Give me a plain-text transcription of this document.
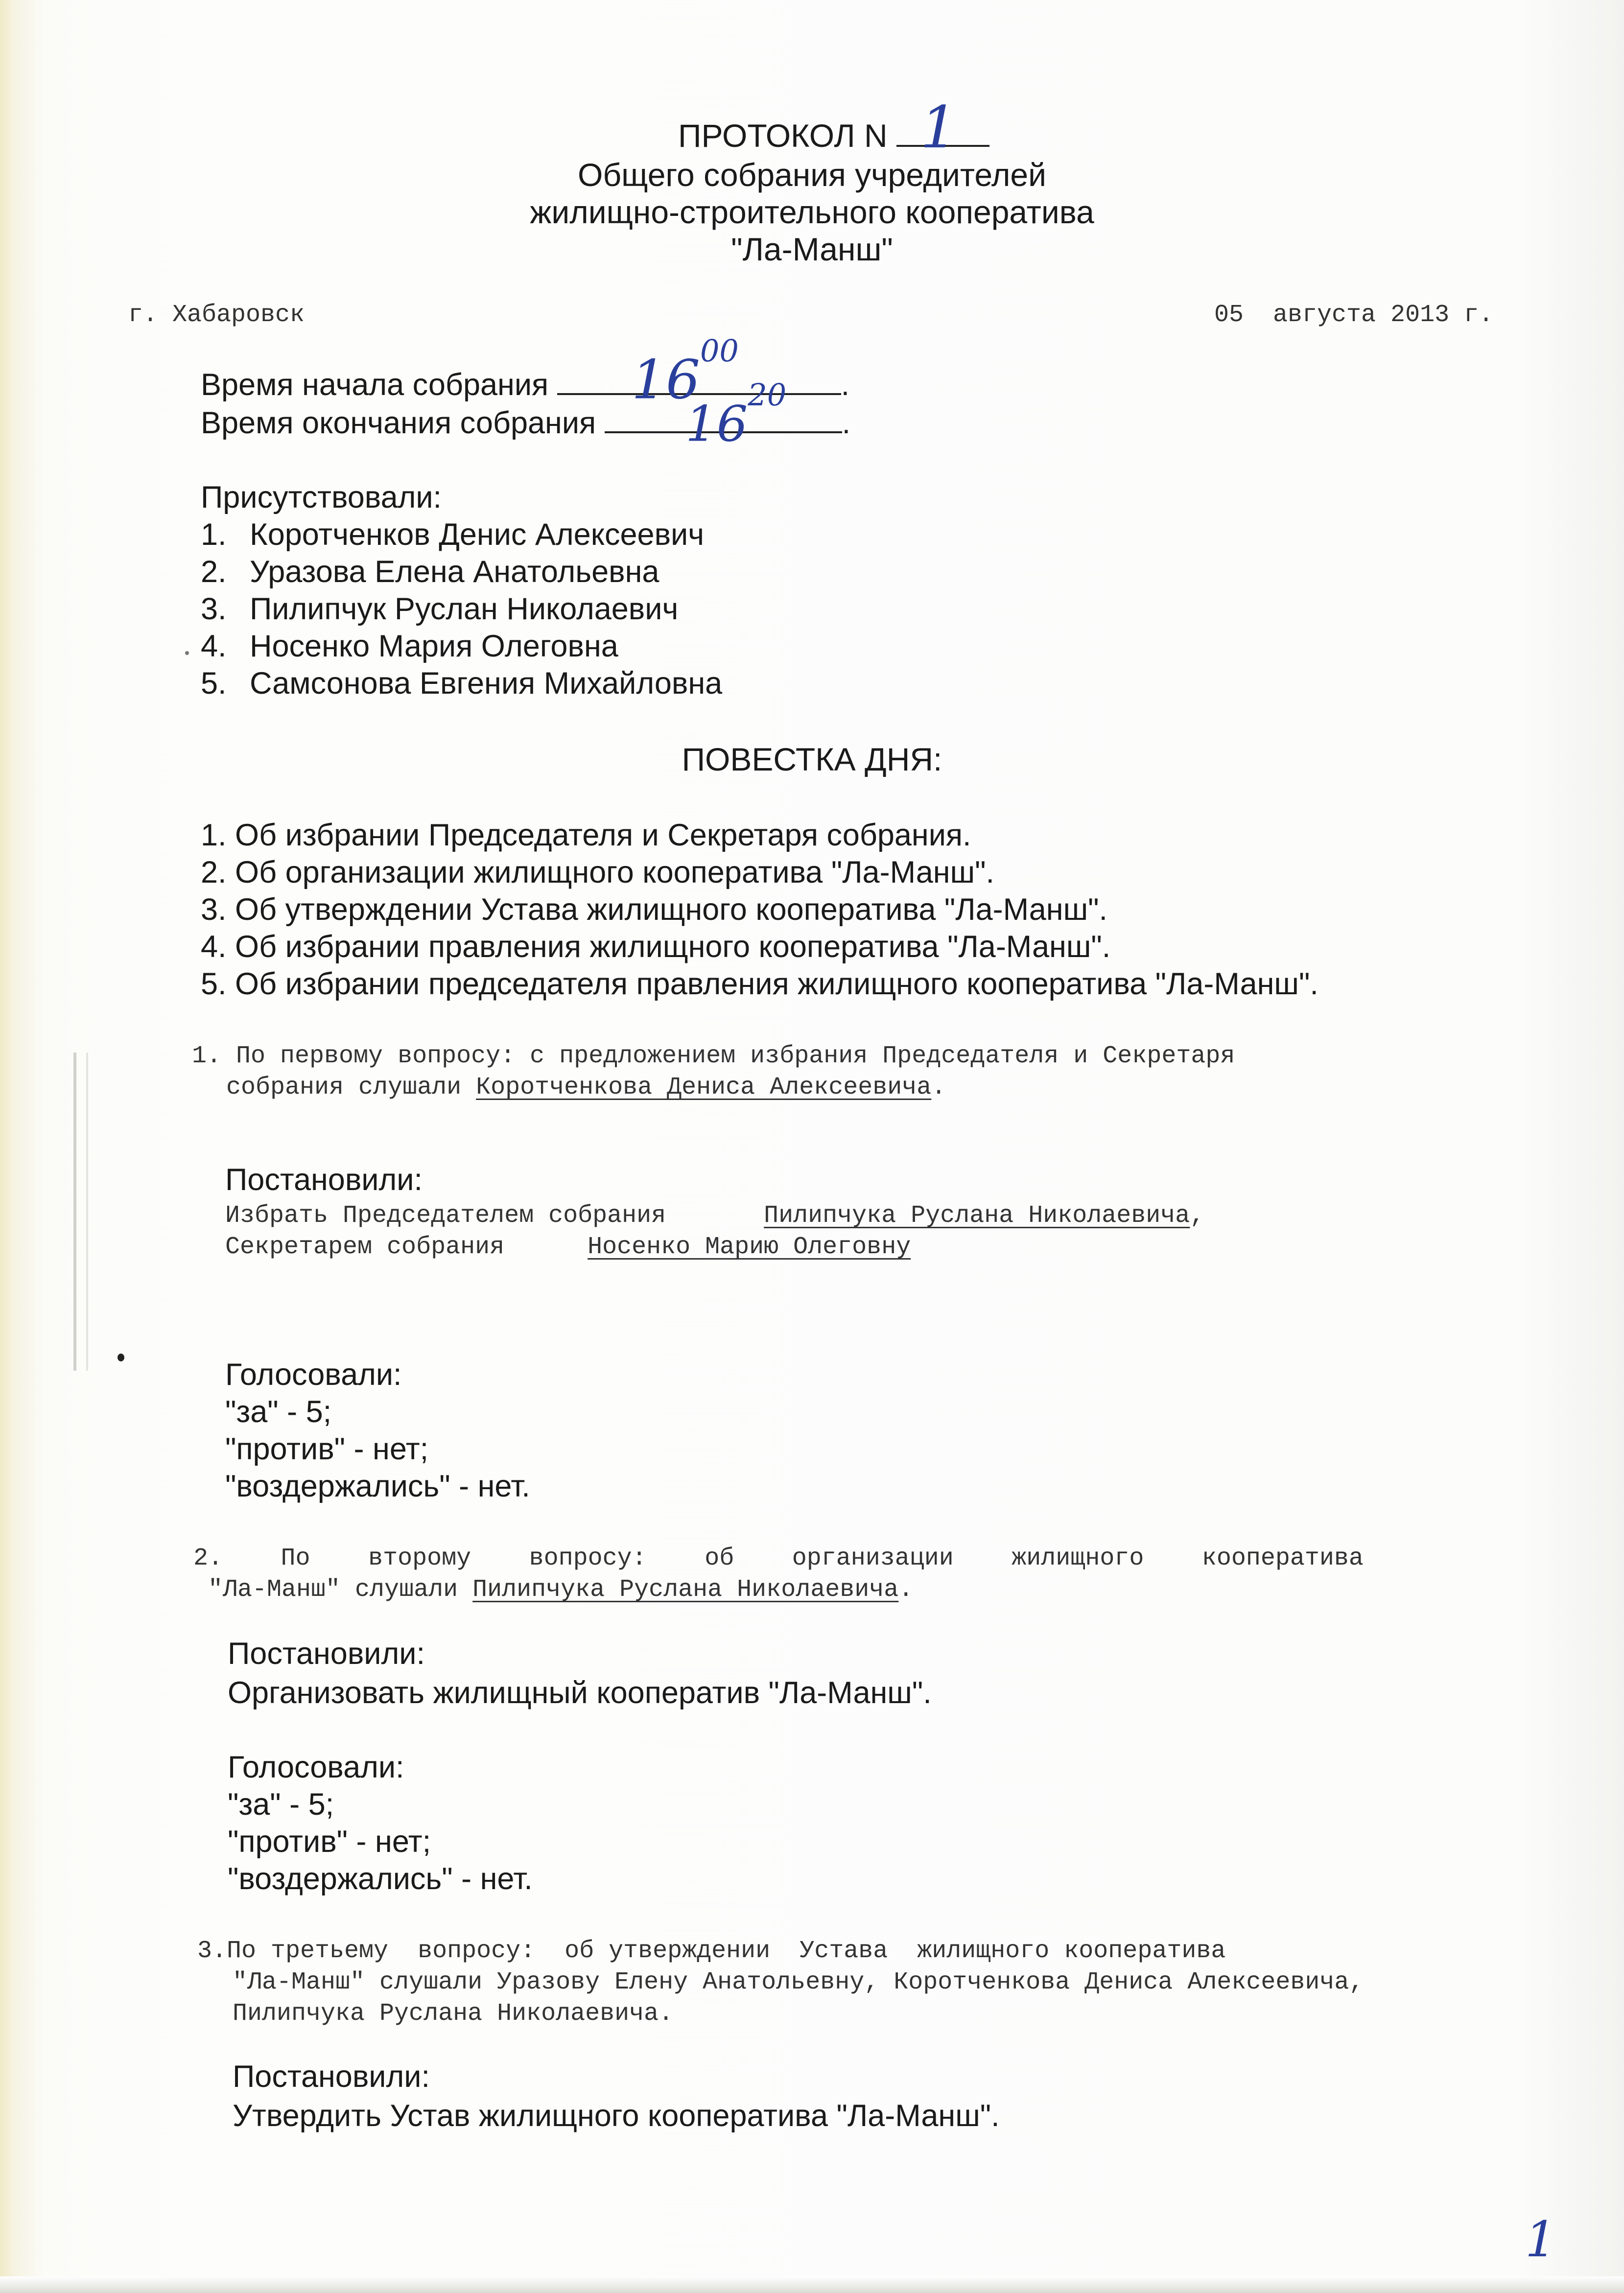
ПРОТОКОЛ N 1
Общего собрания учредителей
жилищно-строительного кооператива
"Ла-Манш"
г. Хабаровск	05  августа 2013 г.
Время начала собрания	.
$16^{00}$
Время окончания собрания	.
$16^{20}$
Присутствовали:
1. Коротченков Денис Алексеевич
2. Уразова Елена Анатольевна
3. Пилипчук Руслан Николаевич
4. Носенко Мария Олеговна
5. Самсонова Евгения Михайловна
ПОВЕСТКА ДНЯ:
1. Об избрании Председателя и Секретаря собрания.
2. Об организации жилищного кооператива "Ла-Манш".
3. Об утверждении Устава жилищного кооператива "Ла-Манш".
4. Об избрании правления жилищного кооператива "Ла-Манш".
5. Об избрании председателя правления жилищного кооператива "Ла-Манш".
1. По первому вопросу: с предложением избрания Председателя и Секретаря
собрания слушали Коротченкова Дениса Алексеевича.
Постановили:
Избрать Председателем собрания	Пилипчука Руслана Николаевича,
Секретарем собрания	Носенко Марию Олеговну
Голосовали:
"за" - 5;
"против" - нет;
"воздержались" - нет.
2. По второму вопросу: об организации жилищного кооператива
"Ла-Манш" слушали Пилипчука Руслана Николаевича.
Постановили:
Организовать жилищный кооператив "Ла-Манш".
Голосовали:
"за" - 5;
"против" - нет;
"воздержались" - нет.
3.По третьему  вопросу:  об утверждении  Устава  жилищного кооператива
"Ла-Манш" слушали Уразову Елену Анатольевну, Коротченкова Дениса Алексеевича,
Пилипчука Руслана Николаевича.
Постановили:
Утвердить Устав жилищного кооператива "Ла-Манш".
1
